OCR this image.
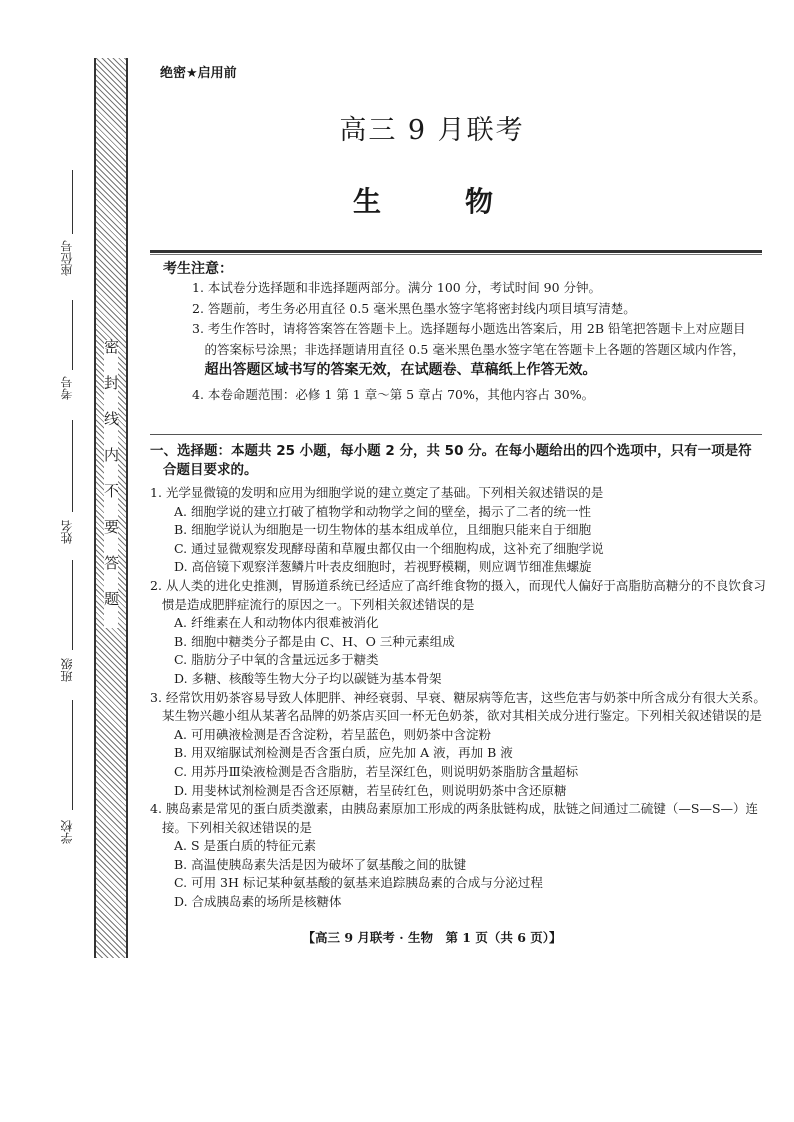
密
封
线
内
不
要
答
题
学校
班级
姓名
考号
座位号
绝密★启用前
高三 9 月联考
生　物
考生注意：

1. 本试卷分选择题和非选择题两部分。满分 100 分，考试时间 90 分钟。

2. 答题前，考生务必用直径 0.5 毫米黑色墨水签字笔将密封线内项目填写清楚。

3. 考生作答时，请将答案答在答题卡上。选择题每小题选出答案后，用 2B 铅笔把答题卡上对应题目的答案标号涂黑；非选择题请用直径 0.5 毫米黑色墨水签字笔在答题卡上各题的答题区域内作答，超出答题区域书写的答案无效，在试题卷、草稿纸上作答无效。

4. 本卷命题范围：必修 1 第 1 章～第 5 章占 70%，其他内容占 30%。

一、选择题：本题共 25 小题，每小题 2 分，共 50 分。在每小题给出的四个选项中，只有一项是符
合题目要求的。
1. 光学显微镜的发明和应用为细胞学说的建立奠定了基础。下列相关叙述错误的是
A. 细胞学说的建立打破了植物学和动物学之间的壁垒，揭示了二者的统一性
B. 细胞学说认为细胞是一切生物体的基本组成单位，且细胞只能来自于细胞
C. 通过显微观察发现酵母菌和草履虫都仅由一个细胞构成，这补充了细胞学说
D. 高倍镜下观察洋葱鳞片叶表皮细胞时，若视野模糊，则应调节细准焦螺旋
2. 从人类的进化史推测，胃肠道系统已经适应了高纤维食物的摄入，而现代人偏好于高脂肪高糖分的不良饮食习惯是造成肥胖症流行的原因之一。下列相关叙述错误的是
A. 纤维素在人和动物体内很难被消化
B. 细胞中糖类分子都是由 C、H、O 三种元素组成
C. 脂肪分子中氧的含量远远多于糖类
D. 多糖、核酸等生物大分子均以碳链为基本骨架
3. 经常饮用奶茶容易导致人体肥胖、神经衰弱、早衰、糖尿病等危害，这些危害与奶茶中所含成分有很大关系。某生物兴趣小组从某著名品牌的奶茶店买回一杯无色奶茶，欲对其相关成分进行鉴定。下列相关叙述错误的是
A. 可用碘液检测是否含淀粉，若呈蓝色，则奶茶中含淀粉
B. 用双缩脲试剂检测是否含蛋白质，应先加 A 液，再加 B 液
C. 用苏丹Ⅲ染液检测是否含脂肪，若呈深红色，则说明奶茶脂肪含量超标
D. 用斐林试剂检测是否含还原糖，若呈砖红色，则说明奶茶中含还原糖
4. 胰岛素是常见的蛋白质类激素，由胰岛素原加工形成的两条肽链构成，肽链之间通过二硫键（—S—S—）连接。下列相关叙述错误的是
A. S 是蛋白质的特征元素
B. 高温使胰岛素失活是因为破坏了氨基酸之间的肽键
C. 可用 3H 标记某种氨基酸的氨基来追踪胰岛素的合成与分泌过程
D. 合成胰岛素的场所是核糖体
【高三 9 月联考 · 生物　第 1 页（共 6 页）】
